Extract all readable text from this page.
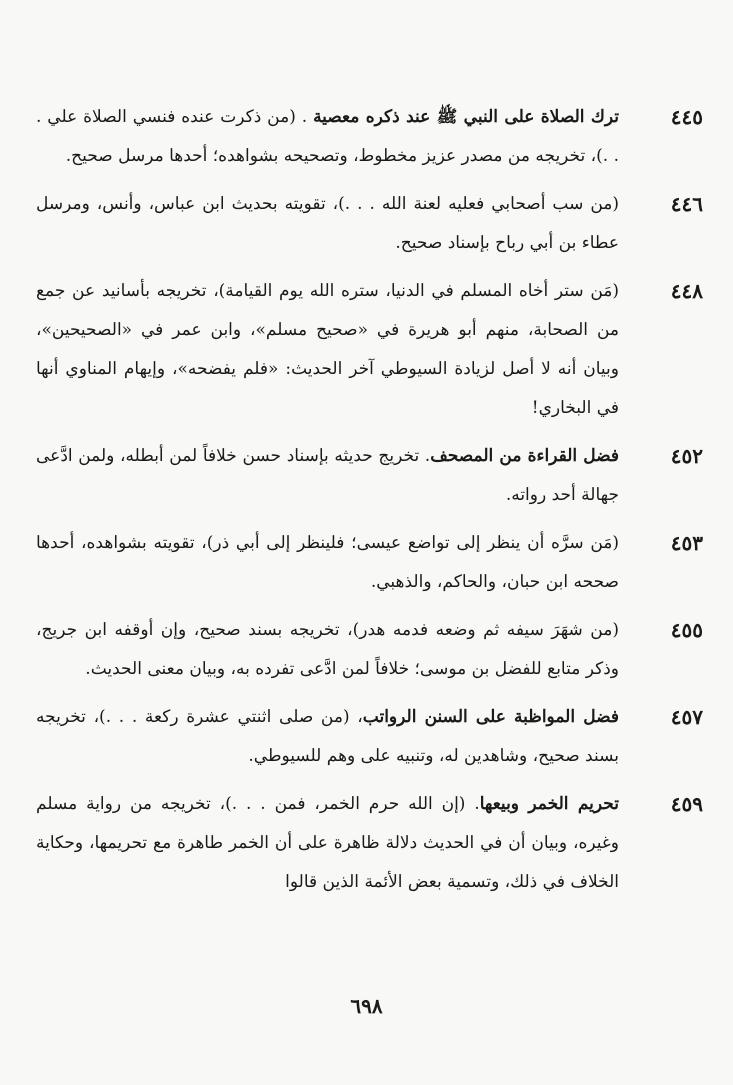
٤٤٥
ترك الصلاة على النبي ﷺ عند ذكره معصية . (من ذكرت عنده فنسي الصلاة علي . . .)، تخريجه من مصدر عزيز مخطوط، وتصحيحه بشواهده؛ أحدها مرسل صحيح.
٤٤٦
(من سب أصحابي فعليه لعنة الله . . .)، تقويته بحديث ابن عباس، وأنس، ومرسل عطاء بن أبي رباح بإسناد صحيح.
٤٤٨
(مَن ستر أخاه المسلم في الدنيا، ستره الله يوم القيامة)، تخريجه بأسانيد عن جمع من الصحابة، منهم أبو هريرة في «صحيح مسلم»، وابن عمر في «الصحيحين»، وبيان أنه لا أصل لزيادة السيوطي آخر الحديث: «فلم يفضحه»، وإيهام المناوي أنها في البخاري!
٤٥٢
فضل القراءة من المصحف. تخريج حديثه بإسناد حسن خلافاً لمن أبطله، ولمن ادَّعى جهالة أحد رواته.
٤٥٣
(مَن سرَّه أن ينظر إلى تواضع عيسى؛ فلينظر إلى أبي ذر)، تقويته بشواهده، أحدها صححه ابن حبان، والحاكم، والذهبي.
٤٥٥
(من شهَرَ سيفه ثم وضعه فدمه هدر)، تخريجه بسند صحيح، وإن أوقفه ابن جريج، وذكر متابع للفضل بن موسى؛ خلافاً لمن ادَّعى تفرده به، وبيان معنى الحديث.
٤٥٧
فضل المواظبة على السنن الرواتب، (من صلى اثنتي عشرة ركعة . . .)، تخريجه بسند صحيح، وشاهدين له، وتنبيه على وهم للسيوطي.
٤٥٩
تحريم الخمر وبيعها. (إن الله حرم الخمر، فمن . . .)، تخريجه من رواية مسلم وغيره، وبيان أن في الحديث دلالة ظاهرة على أن الخمر طاهرة مع تحريمها، وحكاية الخلاف في ذلك، وتسمية بعض الأئمة الذين قالوا
٦٩٨
